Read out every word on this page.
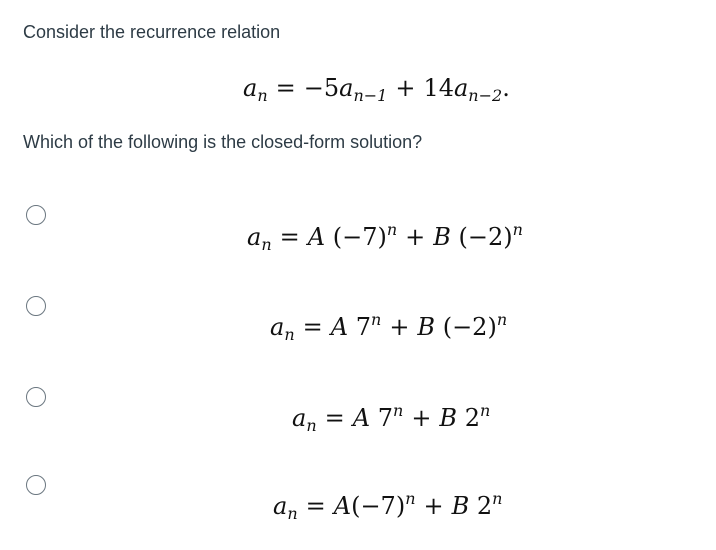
Consider the recurrence relation
$a_n = -5a_{n-1} + 14a_{n-2}$.
Which of the following is the closed-form solution?
$a_n = A$ $(-7)^n + B$ $(-2)^n$
$a_n = A$ $7^n + B$ $(-2)^n$
$a_n = A$ $7^n + B$ 2$^n$
$a_n = A(-7)^n + B$ 2$^n$
